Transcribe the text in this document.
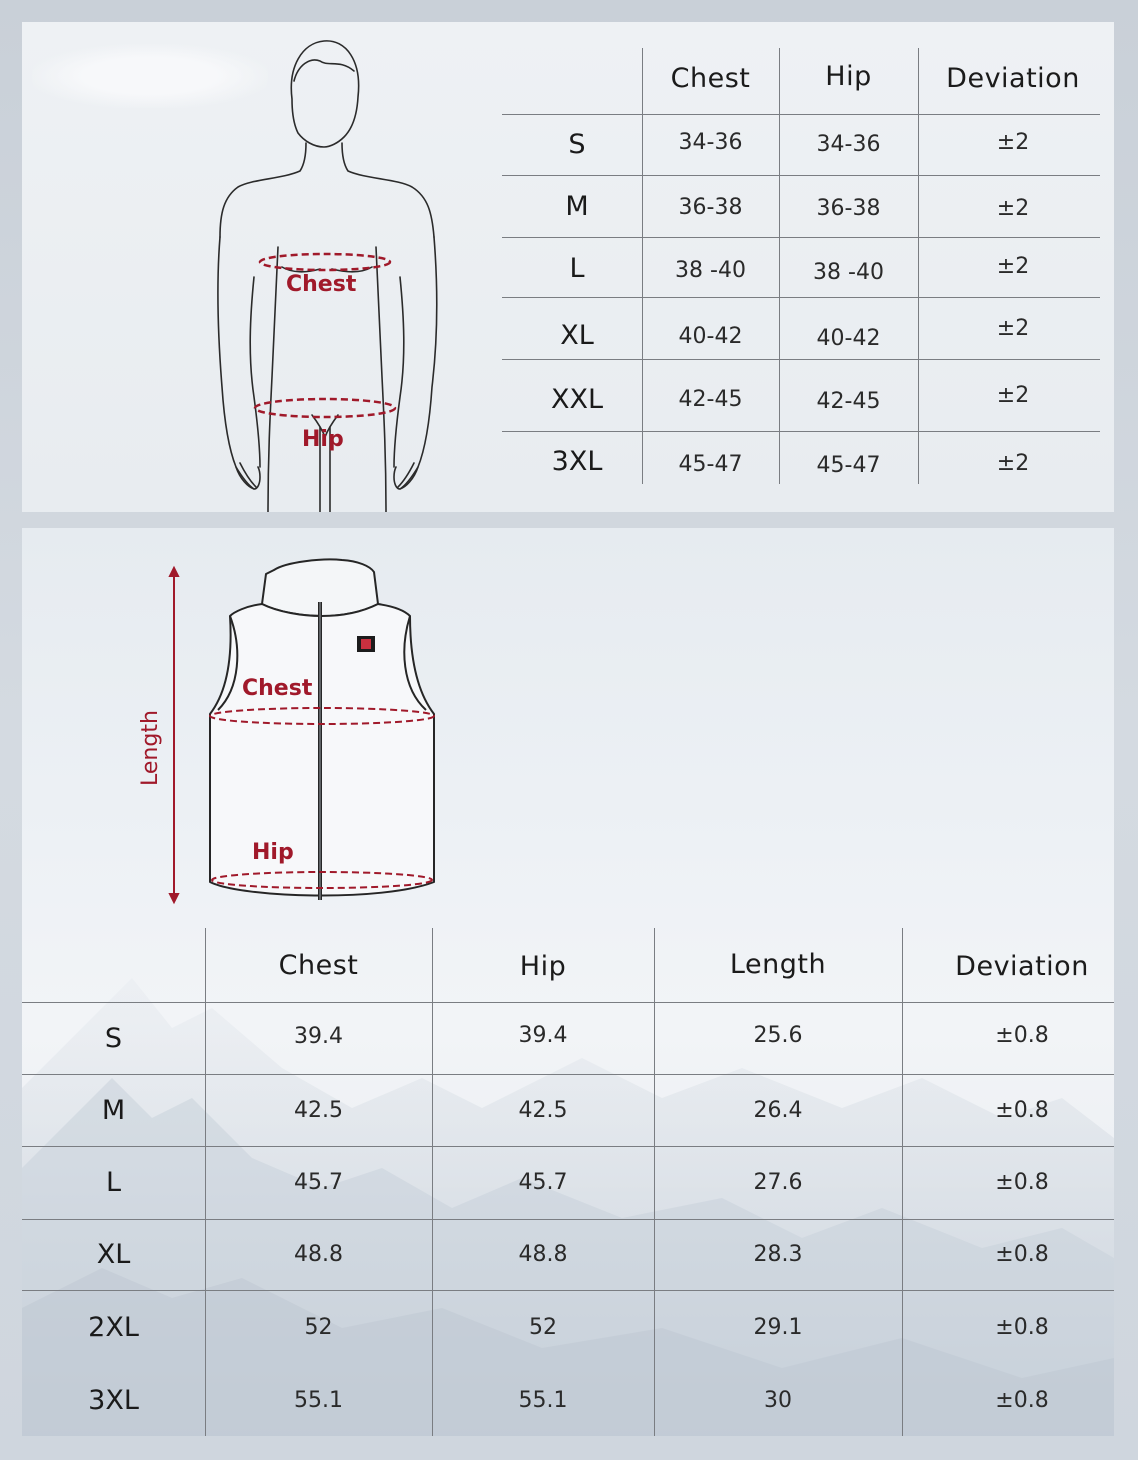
Chest
Hip
Chest	Hip	Deviation
S	34-36	34-36	±2
M	36-38	36-38	±2
L	38 -40	38 -40	±2
XL	40-42	40-42	±2
XXL	42-45	42-45	±2
3XL	45-47	45-47	±2
Length
Chest
Hip
Chest	Hip	Length	Deviation
S	39.4	39.4	25.6	±0.8
M	42.5	42.5	26.4	±0.8
L	45.7	45.7	27.6	±0.8
XL	48.8	48.8	28.3	±0.8
2XL	52	52	29.1	±0.8
3XL	55.1	55.1	30	±0.8
